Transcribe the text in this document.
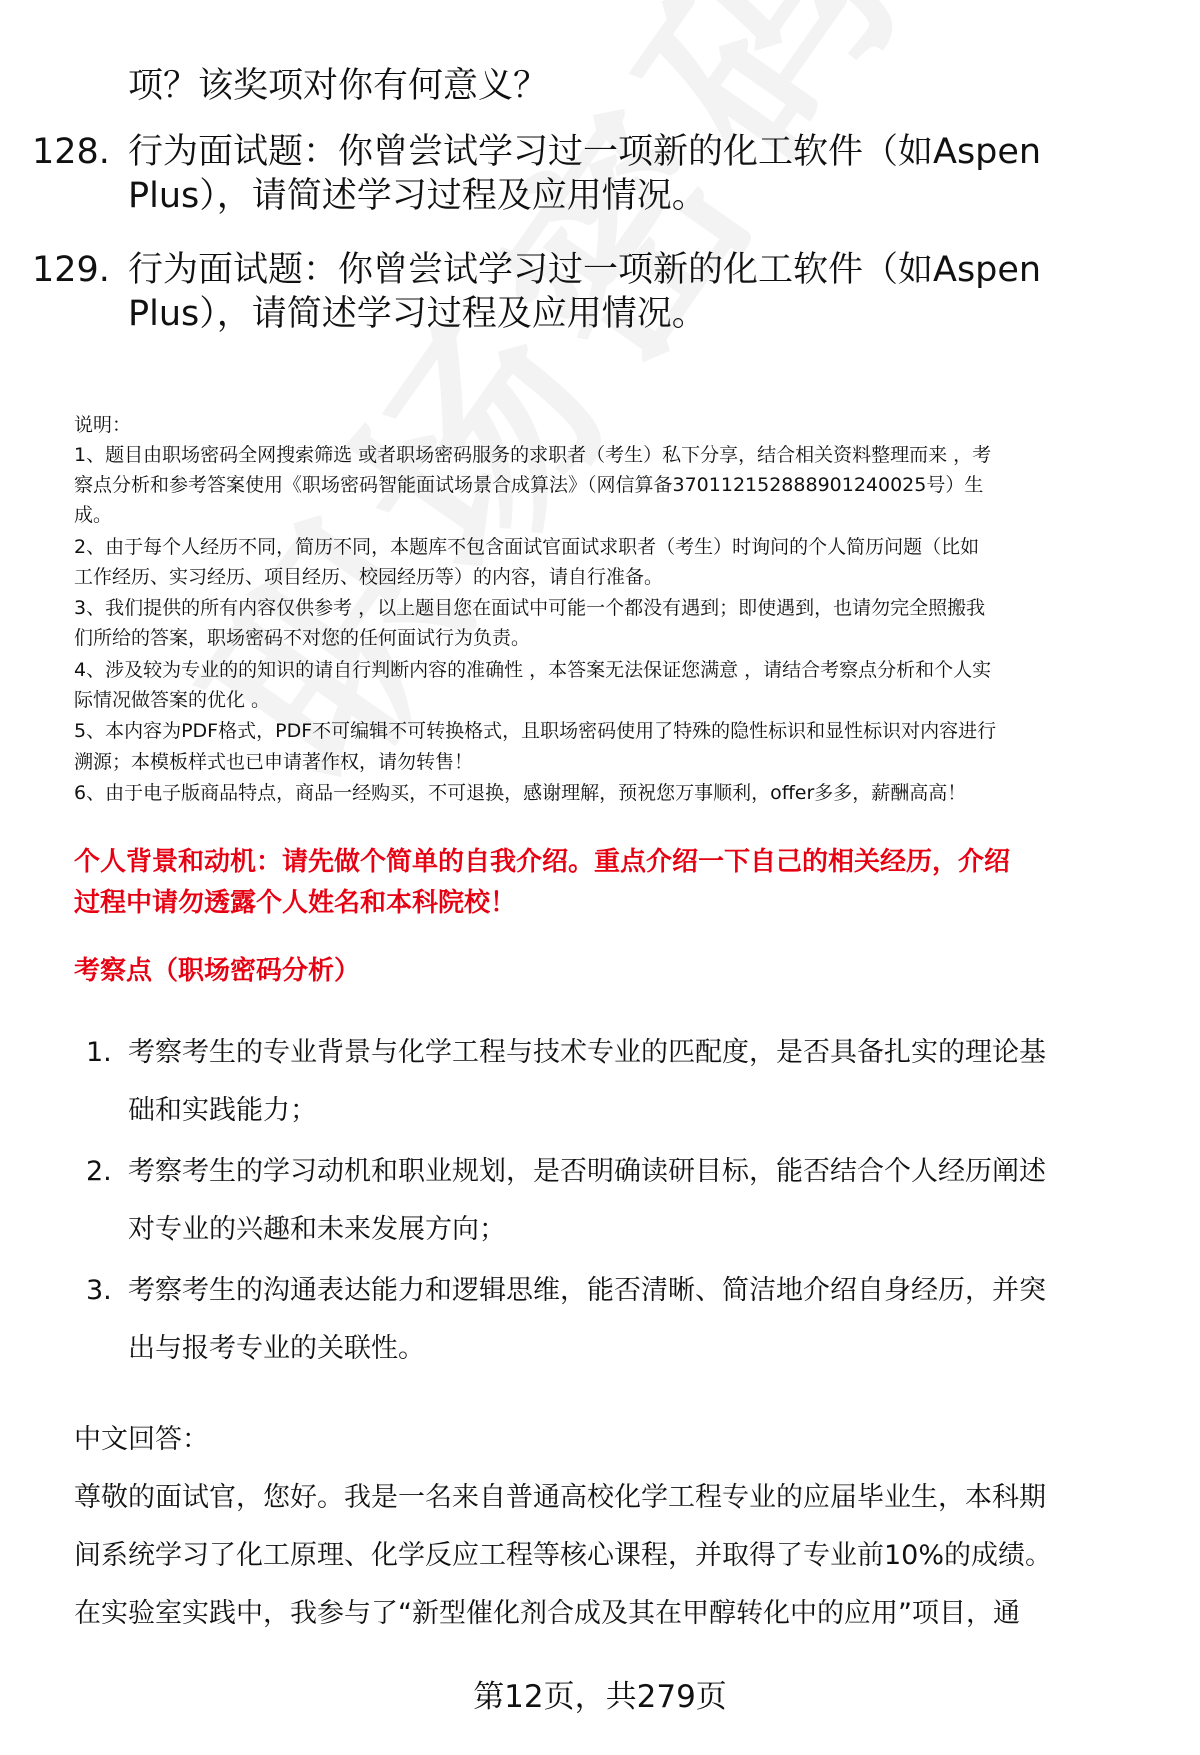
项？该奖项对你有何意义？
128. 行为面试题：你曾尝试学习过一项新的化工软件（如Aspen
Plus），请简述学习过程及应用情况。
129. 行为面试题：你曾尝试学习过一项新的化工软件（如Aspen
Plus），请简述学习过程及应用情况。
说明：
1、题目由职场密码全网搜索筛选 或者职场密码服务的求职者（考生）私下分享，结合相关资料整理而来 ，考
察点分析和参考答案使用《职场密码智能面试场景合成算法》（网信算备370112152888901240025号）生
成。
2、由于每个人经历不同，简历不同，本题库不包含面试官面试求职者（考生）时询问的个人简历问题（比如
工作经历、实习经历、项目经历、校园经历等）的内容，请自行准备。
3、我们提供的所有内容仅供参考 ，以上题目您在面试中可能一个都没有遇到；即使遇到，也请勿完全照搬我
们所给的答案，职场密码不对您的任何面试行为负责。
4、涉及较为专业的的知识的请自行判断内容的准确性 ，本答案无法保证您满意 ，请结合考察点分析和个人实
际情况做答案的优化 。
5、本内容为PDF格式，PDF不可编辑不可转换格式，且职场密码使用了特殊的隐性标识和显性标识对内容进行
溯源；本模板样式也已申请著作权，请勿转售！
6、由于电子版商品特点，商品一经购买，不可退换，感谢理解，预祝您万事顺利，offer多多，薪酬高高！
个人背景和动机：请先做个简单的自我介绍。重点介绍一下自己的相关经历，介绍
过程中请勿透露个人姓名和本科院校！
考察点（职场密码分析）
1. 考察考生的专业背景与化学工程与技术专业的匹配度，是否具备扎实的理论基
础和实践能力；
2. 考察考生的学习动机和职业规划，是否明确读研目标，能否结合个人经历阐述
对专业的兴趣和未来发展方向；
3. 考察考生的沟通表达能力和逻辑思维，能否清晰、简洁地介绍自身经历，并突
出与报考专业的关联性。
中文回答：
尊敬的面试官，您好。我是一名来自普通高校化学工程专业的应届毕业生，本科期
间系统学习了化工原理、化学反应工程等核心课程，并取得了专业前10%的成绩。
在实验室实践中，我参与了“新型催化剂合成及其在甲醇转化中的应用”项目，通
第12页，共279页
